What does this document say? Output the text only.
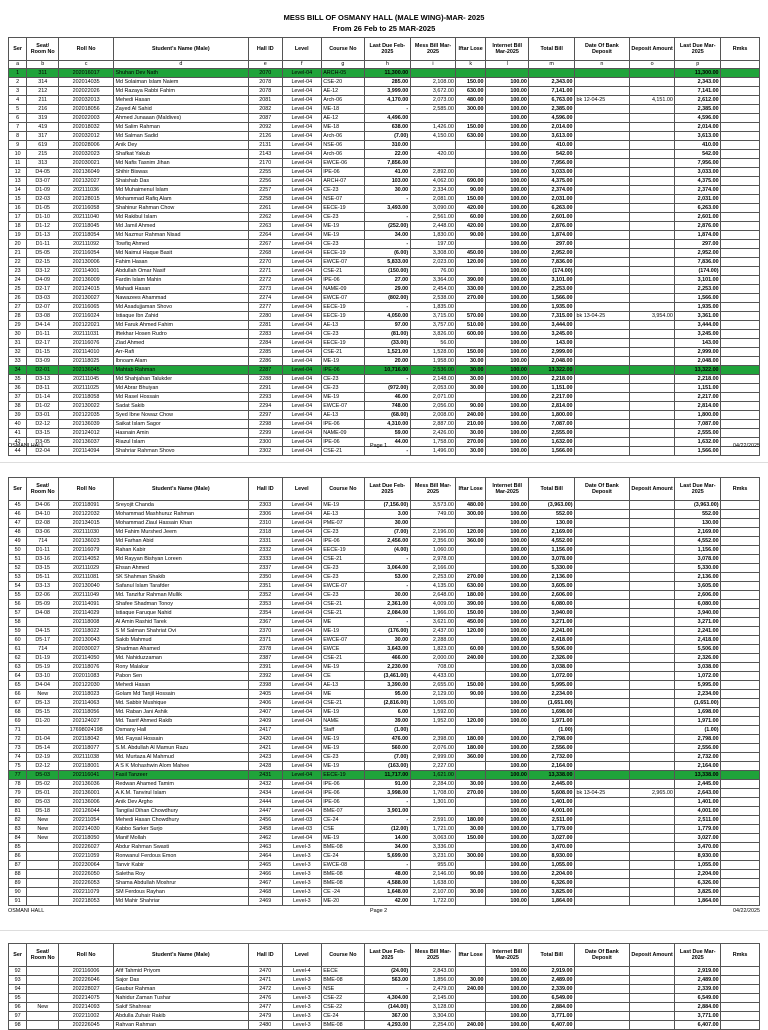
MESS BILL OF OSMANY HALL (MALE WING)-MAR- 2025
From 26 Feb to 25 MAR-2025
Ser	Seat/ Room No	Roll No	Student's Name (Male)	Hall ID	Level	Course No	Last Due Feb-2025	Mess Bill Mar-2025	Iftar Lose	Internet Bill Mar-2025	Total Bill	Date Of Bank Deposit	Deposit Amount	Last Due Mar-2025	Rmks
a	b	c	d	e	f	g	h	i	k	l	m	n	o	p	
1	311	202016017	Shuhan Dev Nath	2070	Level-04	ARCH-05	11,300.00							11,300.00	
2	314	202014035	Md Solaiman Islam Naiem	2078	Level-04	CSE-20	285.00	2,108.00	150.00	100.00	2,343.00			2,343.00	
3	212	202022026	Md Razaya Rabbi Fahim	2078	Level-04	AE-12	3,999.00	3,672.00	630.00	100.00	7,141.00			7,141.00	
4	211	202032013	Mehedi Hasan	2081	Level-04	Arch-06	4,170.00	2,073.00	480.00	100.00	6,763.00	bk 12-04-25	4,151.00	2,612.00	
5	216	202018056	Zayed Al Sahid	2082	Level-04	ME-18	-	2,585.00	300.00	100.00	2,385.00			2,385.00	
6	319	202022003	Ahmed Junaaan (Maldives)	2087	Level-04	AE-12	4,496.00			100.00	4,596.00			4,596.00	
7	419	202018032	Md Salim Rahman	2092	Level-04	ME-18	638.00	1,426.00	150.00	100.00	2,014.00			2,014.00	
8	317	202032012	Md Salman Sadid	2126	Level-04	Arch-06	(7.00)	4,150.00	630.00	100.00	3,613.00			3,613.00	
9	619	202028006	Anik Dey	2131	Level-04	NSE-06	310.00			100.00	410.00			410.00	
10	215	202032023	Shafkat Yakub	2143	Level-04	Arch-06	22.00	420.00		100.00	542.00			542.00	
11	313	202030021	Md Nafis Tasnim Jihan	2170	Level-04	EWCE-06	7,856.00			100.00	7,956.00			7,956.00	
12	D4-05	202136049	Shihir Biswas	2255	Level-04	IPE-06	41.00	2,892.00		100.00	3,033.00			3,033.00	
13	D3-07	202132027	Shaishab Das	2256	Level-04	ARCH-07	103.00	4,062.00	690.00	100.00	4,375.00			4,375.00	
14	D1-09	202111036	Md Muhaimenul Islam	2257	Level-04	CE-23	30.00	2,334.00	90.00	100.00	2,374.00			2,374.00	
15	D2-03	202128015	Mohammad Rafiq Alam	2258	Level-04	NSE-07	-	2,081.00	150.00	100.00	2,031.00			2,031.00	
16	D1-05	202116058	Shahinur Rahman Chow	2261	Level-04	EECE-19	3,493.00	3,090.00	420.00	100.00	6,263.00			6,263.00	
17	D1-10	202111040	Md Rakibul Islam	2262	Level-04	CE-23	-	2,561.00	60.00	100.00	2,601.00			2,601.00	
18	D1-12	202118045	Md Jamil Ahmed	2263	Level-04	ME-19	(252.00)	2,448.00	420.00	100.00	2,876.00			2,876.00	
19	D1-13	202118054	Md Nazmur Rahman Nisad	2264	Level-04	ME-19	34.00	1,830.00	90.00	100.00	1,874.00			1,874.00	
20	D1-11	202111092	Towfiq Ahmed	2267	Level-04	CE-23	-	197.00		100.00	297.00			297.00	
21	D5-05	202116054	Md Naimul Haque Basit	2268	Level-04	EECE-19	(6.00)	3,308.00	450.00	100.00	2,952.00			2,952.00	
22	D2-15	202130006	Fahim Hasan	2270	Level-04	EWCE-07	5,833.00	2,023.00	120.00	100.00	7,836.00			7,836.00	
23	D3-12	202114001	Abdullah Omar Nasif	2271	Level-04	CSE-21	(150.00)	76.00		100.00	(174.00)			(174.00)	
24	D4-09	202136009	Fardin Islam Mahin	2272	Level-04	IPE-06	27.00	3,364.00	390.00	100.00	3,101.00			3,101.00	
25	D2-17	202124015	Mahadi Hasan	2273	Level-04	NAME-09	29.00	2,454.00	330.00	100.00	2,253.00			2,253.00	
26	D3-03	202130027	Nawazees Ahammad	2274	Level-04	EWCE-07	(802.00)	2,538.00	270.00	100.00	1,566.00			1,566.00	
27	D2-07	202116065	Md Asadujjaman Shovo	2277	Level-04	EECE-19	-	1,835.00		100.00	1,935.00			1,935.00	
28	D3-08	202116024	Istiaque Ibn Zahid	2280	Level-04	EECE-19	4,050.00	3,715.00	570.00	100.00	7,315.00	bk 13-04-25	3,954.00	3,361.00	
29	D4-14	202122021	Md Faruk Ahmed Fahim	2281	Level-04	AE-13	97.00	3,757.00	510.00	100.00	3,444.00			3,444.00	
30	D1-11	202111031	Iftekhar Hosen Rudro	2283	Level-04	CE-23	(81.00)	3,826.00	600.00	100.00	3,245.00			3,245.00	
31	D2-17	202116076	Ziad Ahmed	2284	Level-04	EECE-19	(33.00)	56.00		100.00	143.00			143.00	
32	D1-15	202114010	Arr-Rafi	2285	Level-04	CSE-21	1,521.00	1,528.00	150.00	100.00	2,999.00			2,999.00	
33	D3-09	202118025	Ibnoam Alam	2286	Level-04	ME-19	20.00	1,958.00	30.00	100.00	2,048.00			2,048.00	
34	D2-01	202136045	Mahtab Rahman	2287	Level-04	IPE-06	10,716.00	2,536.00	30.00	100.00	13,322.00			13,322.00	
35	D3-13	202111045	Md Shahjahan Talukder	2288	Level-04	CE-23	-	2,148.00	30.00	100.00	2,218.00			2,218.00	
36	D3-11	202111025	Md Abrar Bhuiyan	2291	Level-04	CE-23	(972.00)	2,053.00	30.00	100.00	1,151.00			1,151.00	
37	D1-14	202118058	Md Rasel Hossain	2293	Level-04	ME-19	46.00	2,071.00		100.00	2,217.00			2,217.00	
38	D1-02	202130022	Sadat Sakib	2294	Level-04	EWCE-07	748.00	2,056.00	90.00	100.00	2,814.00			2,814.00	
39	D3-01	202122035	Syed Ibne Nowaz Chow	2297	Level-04	AE-13	(68.00)	2,008.00	240.00	100.00	1,800.00			1,800.00	
40	D2-12	202136039	Saikat Islam Sagor	2298	Level-04	IPE-06	4,310.00	2,887.00	210.00	100.00	7,087.00			7,087.00	
41	D3-15	202124012	Hasnain Amin	2299	Level-04	NAME-09	59.00	2,426.00	30.00	100.00	2,555.00			2,555.00	
42	D3-05	202136037	Riazul Islam	2300	Level-04	IPE-06	44.00	1,758.00	270.00	100.00	1,632.00			1,632.00	
44	D2-04	202114094	Shahriar Rahman Shovo	2302	Level-04	CSE-21	-	1,496.00	30.00	100.00	1,566.00			1,566.00	
OSMANI HALL	Page 1	04/22/2025
Ser	Seat/ Room No	Roll No	Student's Name (Male)	Hall ID	Level	Course No	Last Due Feb-2025	Mess Bill Mar-2025	Iftar Lose	Internet Bill Mar-2025	Total Bill	Date Of Bank Deposit	Deposit Amount	Last Due Mar-2025	Rmks
45	D4-06	202118091	Sreyojit Chanda	2303	Level-04	ME-19	(7,156.00)	3,573.00	480.00	100.00	(3,963.00)			(3,963.00)	
46	D4-10	202122032	Mohammad Mashhuruz Rahman	2306	Level-04	AE-13	3.00	749.00	300.00	100.00	552.00			552.00	
47	D2-08	202134015	Mohammad Ziaul Hassain Khan	2310	Level-04	PME-07	30.00			100.00	130.00			130.00	
48	D3-06	202111030	Md Fahim Murshed Jeem	2318	Level-04	CE-23	(7.00)	2,196.00	120.00	100.00	2,169.00			2,169.00	
49	714	202136023	Md Farhan Abid	2331	Level-04	IPE-06	2,456.00	2,356.00	360.00	100.00	4,552.00			4,552.00	
50	D1-11	202116079	Rahan Kabir	2332	Level-04	EECE-19	(4.00)	1,060.00		100.00	1,156.00			1,156.00	
51	D3-16	202114052	Md Rayyan Bishyan Loreen	2333	Level-04	CSE-21	-	2,978.00		100.00	3,078.00			3,078.00	
52	D3-15	202111029	Ehsan Ahmed	2337	Level-04	CE-23	3,064.00	2,166.00		100.00	5,330.00			5,330.00	
53	D5-11	202111081	SK Shahman Shakib	2350	Level-04	CE-23	53.00	2,253.00	270.00	100.00	2,136.00			2,136.00	
54	D3-13	202130040	Safanul Islam Tarafder	2351	Level-04	EWCE-07	-	4,135.00	630.00	100.00	3,605.00			3,605.00	
55	D2-06	202111049	Md. Tanzifur Rahman Mullik	2352	Level-04	CE-23	30.00	2,648.00	180.00	100.00	2,606.00			2,606.00	
56	D5-09	202114091	Shafee Shadman Tonoy	2353	Level-04	CSE-21	2,361.00	4,009.00	390.00	100.00	6,080.00			6,080.00	
57	D4-08	202114029	Istiaque Faruque Nahid	2354	Level-04	CSE-21	2,084.00	1,966.00	150.00	100.00	3,940.00			3,940.00	
58		202118008	Al Amin Rashid Tarek	2367	Level-04	ME	-	3,621.00	450.00	100.00	3,271.00			3,271.00	
59	D4-15	202118022	S M Salman Shahriat Ovi	2370	Level-04	ME-19	(176.00)	2,437.00	120.00	100.00	2,241.00			2,241.00	
60	D5-17	202130043	Sakib Mahmud	2371	Level-04	EWCE-07	30.00	2,288.00		100.00	2,418.00			2,418.00	
61	714	202030027	Shadman Ahamed	2378	Level-04	EWCE	3,643.00	1,823.00	60.00	100.00	5,506.00			5,506.00	
62	D1-19	202114050	Md. Nahiduzzaman	2387	Level-04	CSE-21	466.00	2,000.00	240.00	100.00	2,326.00			2,326.00	
63	D5-19	202118076	Rony Malakar	2391	Level-04	ME-19	2,230.00	708.00		100.00	3,038.00			3,038.00	
64	D3-10	202011083	Pabon Sen	2392	Level-04	CE	(3,461.00)	4,433.00		100.00	1,072.00			1,072.00	
65	D4-04	202122030	Mehedi Hasan	2398	Level-04	AE-13	3,390.00	2,655.00	150.00	100.00	5,995.00			5,995.00	
66	New	202118023	Golam Md Tanjil Hossain	2405	Level-04	ME	95.00	2,129.00	90.00	100.00	2,234.00			2,234.00	
67	D5-13	202114063	Md. Sabbir Mushique	2406	Level-04	CSE-21	(2,816.00)	1,065.00		100.00	(1,651.00)			(1,651.00)	
68	D5-15	202118056	Md. Raban Jani Ashik	2407	Level-04	ME-19	6.00	1,592.00		100.00	1,698.00			1,698.00	
69	D1-20	202124027	Md. Tasrif Ahmed Rakib	2409	Level-04	NAME	39.00	1,952.00	120.00	100.00	1,971.00			1,971.00	
71		17698024198	Osmany Hall	2417		Staff	(1.00)				(1.00)			(1.00)	
72	D1-04	202118042	Md. Faysal Hossain	2420	Level-04	ME-19	476.00	2,398.00	180.00	100.00	2,798.00			2,798.00	
73	D5-14	202118077	S.M. Abdullah Al Mamun Razu	2421	Level-04	ME-19	560.00	2,076.00	180.00	100.00	2,556.00			2,556.00	
74	D2-19	202111038	Md. Murtaza Al Mahmud	2423	Level-04	CE-23	(7.00)	2,999.00	360.00	100.00	2,732.00			2,732.00	
75	D2-12	202118001	A S K Mohashwin Alom Mahee	2428	Level-04	ME-19	(163.00)	2,227.00		100.00	2,164.00			2,164.00	
77	D5-03	202116041	Fasil Tanzeer	2431	Level-04	EECE-19	11,717.00	1,621.00		100.00	13,338.00			13,338.00	
78	D5-02	202136036	Redwan Ahamed Tamim	2432	Level-04	IPE-06	91.00	2,284.00	30.00	100.00	2,445.00			2,445.00	
79	D5-01	202136001	A.K.M. Tanvirul Islam	2434	Level-04	IPE-06	3,998.00	1,708.00	270.00	100.00	5,608.00	bk 13-04-25	2,965.00	2,643.00	
80	D5-03	202136006	Anik Dev Argho	2444	Level-04	IPE-06	-	1,301.00		100.00	1,401.00			1,401.00	
81	D5-18	202126044	Tangilal Dihan Chowdhury	2447	Level-04	BME-07	3,901.00			100.00	4,001.00			4,001.00	
82	New	202211054	Mehedi Hasan Chowdhury	2456	Level-03	CE-24	-	2,591.00	180.00	100.00	2,511.00			2,511.00	
83	New	202214030	Kabbo Sarker Surjo	2458	Level-03	CSE	(12.00)	1,721.00	30.00	100.00	1,779.00			1,779.00	
84	New	202118050	Manif Mollah	2462	Level-04	ME-19	14.00	3,063.00	150.00	100.00	3,027.00			3,027.00	
85		202226027	Abdur Rahman Swasti	2463	Level-3	BME-08	34.00	3,336.00		100.00	3,470.00			3,470.00	
86		202211059	Ronwanul Ferdous Emon	2464	Level-3	CE-24	5,699.00	3,231.00	300.00	100.00	8,930.00			8,930.00	
87		202230064	Tanvir Kabir	2465	Level-3	EWCE-08	-	955.00		100.00	1,055.00			1,055.00	
88		202226050	Saletha Roy	2466	Level-3	BME-08	48.00	2,146.00	90.00	100.00	2,204.00			2,204.00	
89		202226053	Shama Abdullah Moshrur	2467	Level-3	BME-08	4,588.00	1,638.00		100.00	6,326.00			6,326.00	
90		202211079	SM Ferdous Rayhan	2468	Level-3	CE -24	1,648.00	2,107.00	30.00	100.00	3,825.00			3,825.00	
91		202218053	Md Mahir Shahriar	2469	Level-3	ME-20	42.00	1,722.00		100.00	1,864.00			1,864.00	
OSMANI HALL	Page 2	04/22/2025
Ser	Seat/ Room No	Roll No	Student's Name (Male)	Hall ID	Level	Course No	Last Due Feb-2025	Mess Bill Mar-2025	Iftar Lose	Internet Bill Mar-2025	Total Bill	Date Of Bank Deposit	Deposit Amount	Last Due Mar-2025	Rmks
92		202116006	Afif Tahmid Priyom	2470	Level-4	EECE	(24.00)	2,843.00		100.00	2,919.00			2,919.00	
93		202226046	Sajor Das	2471	Level-3	BME-08	563.00	1,856.00	30.00	100.00	2,489.00			2,489.00	
94		202228027	Gaubur Rahman	2472	Level-3	NSE	-	2,479.00	240.00	100.00	2,339.00			2,339.00	
95		202214075	Nahidur Zaman Tushar	2476	Level-3	CSE-22	4,304.00	2,145.00		100.00	6,549.00			6,549.00	
96	New	202214093	Sakif Shahrear	2477	Level-3	CSE-22	(144.00)	3,128.00		100.00	2,884.00			2,884.00	
97		202211002	Abdulla Zuhair Rakib	2479	Level-3	CE-24	367.00	3,304.00		100.00	3,771.00			3,771.00	
98		202226045	Rahvan Rahman	2480	Level-3	BME-08	4,293.00	2,254.00	240.00	100.00	6,407.00			6,407.00	
